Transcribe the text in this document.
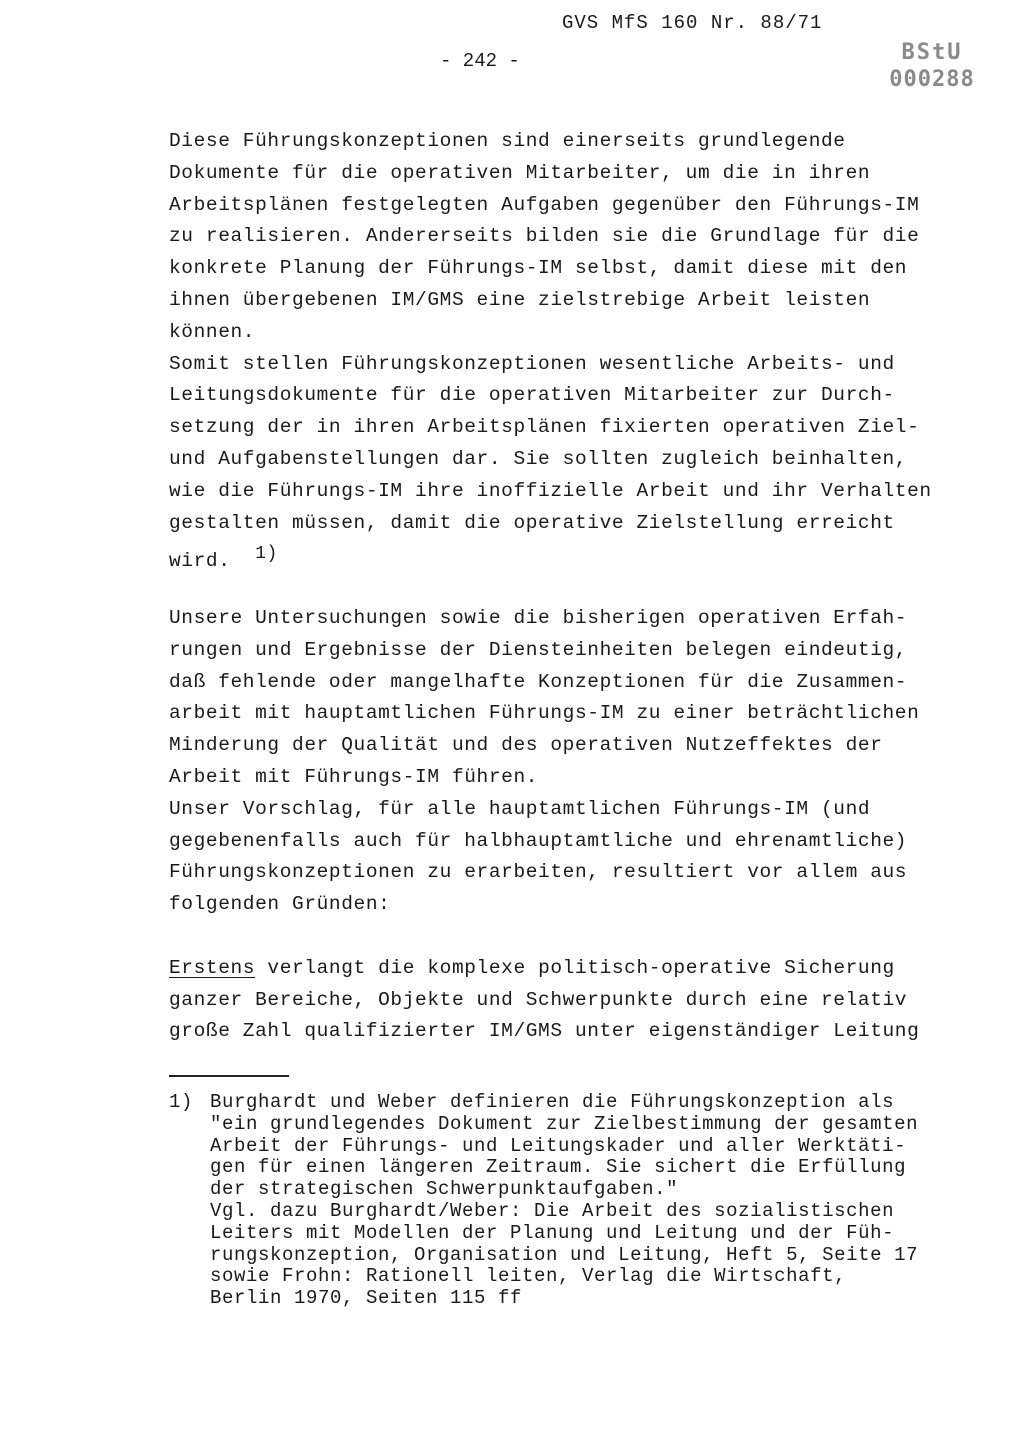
GVS MfS 160 Nr. 88/71
- 242 -	BStU
000288
Diese Führungskonzeptionen sind einerseits grundlegende
Dokumente für die operativen Mitarbeiter, um die in ihren
Arbeitsplänen festgelegten Aufgaben gegenüber den Führungs-IM
zu realisieren. Andererseits bilden sie die Grundlage für die
konkrete Planung der Führungs-IM selbst, damit diese mit den
ihnen übergebenen IM/GMS eine zielstrebige Arbeit leisten
können.
Somit stellen Führungskonzeptionen wesentliche Arbeits- und
Leitungsdokumente für die operativen Mitarbeiter zur Durch-
setzung der in ihren Arbeitsplänen fixierten operativen Ziel-
und Aufgabenstellungen dar. Sie sollten zugleich beinhalten,
wie die Führungs-IM ihre inoffizielle Arbeit und ihr Verhalten
gestalten müssen, damit die operative Zielstellung erreicht
wird. 1)
Unsere Untersuchungen sowie die bisherigen operativen Erfah-
rungen und Ergebnisse der Diensteinheiten belegen eindeutig,
daß fehlende oder mangelhafte Konzeptionen für die Zusammen-
arbeit mit hauptamtlichen Führungs-IM zu einer beträchtlichen
Minderung der Qualität und des operativen Nutzeffektes der
Arbeit mit Führungs-IM führen.
Unser Vorschlag, für alle hauptamtlichen Führungs-IM (und
gegebenenfalls auch für halbhauptamtliche und ehrenamtliche)
Führungskonzeptionen zu erarbeiten, resultiert vor allem aus
folgenden Gründen:
Erstens verlangt die komplexe politisch-operative Sicherung
ganzer Bereiche, Objekte und Schwerpunkte durch eine relativ
große Zahl qualifizierter IM/GMS unter eigenständiger Leitung
1) Burghardt und Weber definieren die Führungskonzeption als
"ein grundlegendes Dokument zur Zielbestimmung der gesamten
Arbeit der Führungs- und Leitungskader und aller Werktäti-
gen für einen längeren Zeitraum. Sie sichert die Erfüllung
der strategischen Schwerpunktaufgaben."
Vgl. dazu Burghardt/Weber: Die Arbeit des sozialistischen
Leiters mit Modellen der Planung und Leitung und der Füh-
rungskonzeption, Organisation und Leitung, Heft 5, Seite 17
sowie Frohn: Rationell leiten, Verlag die Wirtschaft,
Berlin 1970, Seiten 115 ff
